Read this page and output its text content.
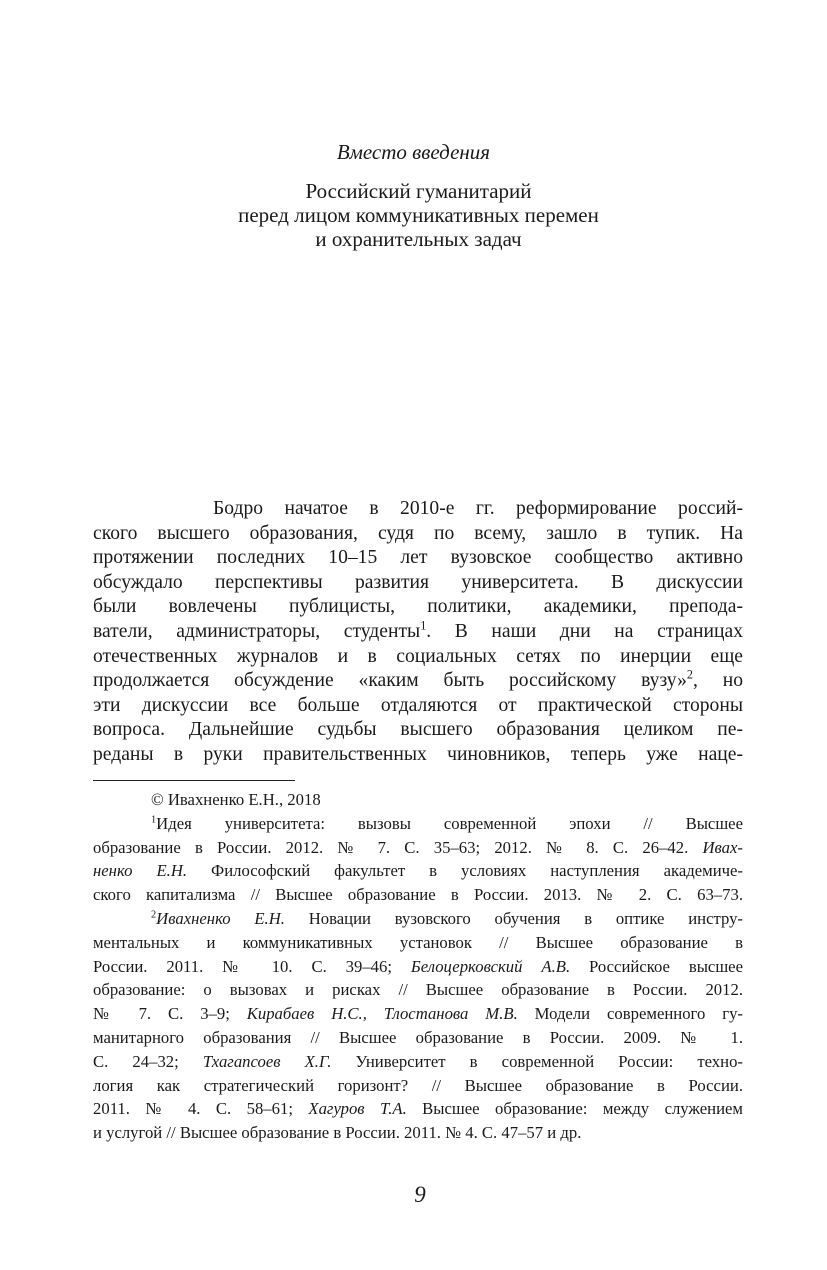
Вместо введения
Российский гуманитарий
перед лицом коммуникативных перемен
и охранительных задач
Бодро начатое в 2010-е гг. реформирование россий-
ского высшего образования, судя по всему, зашло в тупик. На
протяжении последних 10–15 лет вузовское сообщество активно
обсуждало перспективы развития университета. В дискуссии
были вовлечены публицисты, политики, академики, препода-
ватели, администраторы, студенты$^1$. В наши дни на страницах
отечественных журналов и в социальных сетях по инерции еще
продолжается обсуждение «каким быть российскому вузу»$^2$, но
эти дискуссии все больше отдаляются от практической стороны
вопроса. Дальнейшие судьбы высшего образования целиком пе-
реданы в руки правительственных чиновников, теперь уже наце-
© Ивахненко Е.Н., 2018
$^1$Идея университета: вызовы современной эпохи // Высшее
образование в России. 2012. № 7. С. 35–63; 2012. № 8. С. 26–42. Ивах-
ненко Е.Н. Философский факультет в условиях наступления академиче-
ского капитализма // Высшее образование в России. 2013. № 2. С. 63–73.
$^2$Ивахненко Е.Н. Новации вузовского обучения в оптике инстру-
ментальных и коммуникативных установок // Высшее образование в
России. 2011. № 10. С. 39–46; Белоцерковский А.В. Российское высшее
образование: о вызовах и рисках // Высшее образование в России. 2012.
№ 7. С. 3–9; Кирабаев Н.С., Тлостанова М.В. Модели современного гу-
манитарного образования // Высшее образование в России. 2009. № 1.
С. 24–32; Тхагапсоев Х.Г. Университет в современной России: техно-
логия как стратегический горизонт? // Высшее образование в России.
2011. № 4. С. 58–61; Хагуров Т.А. Высшее образование: между служением
и услугой // Высшее образование в России. 2011. № 4. С. 47–57 и др.
9
